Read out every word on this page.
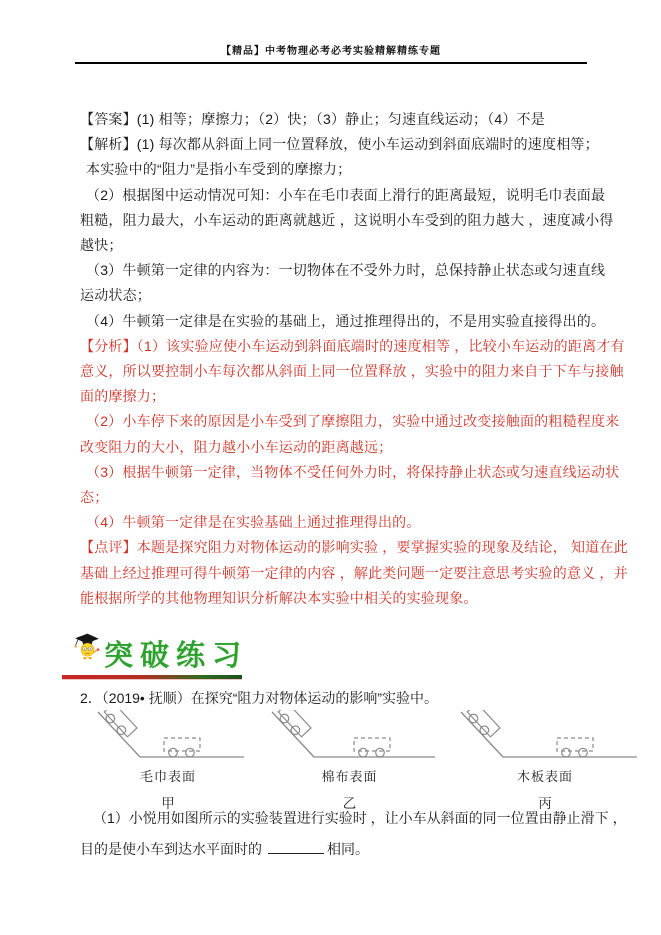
【精品】中考物理必考必考实验精解精练专题
【答案】(1) 相等；摩擦力；（2）快；（3）静止；匀速直线运动；（4）不是
【解析】(1) 每次都从斜面上同一位置释放，使小车运动到斜面底端时的速度相等；
本实验中的“阻力”是指小车受到的摩擦力；
（2）根据图中运动情况可知：小车在毛巾表面上滑行的距离最短，说明毛巾表面最
粗糙，阻力最大，小车运动的距离就越近 ，这说明小车受到的阻力越大 ，速度减小得
越快；
（3）牛顿第一定律的内容为：一切物体在不受外力时，总保持静止状态或匀速直线
运动状态；
（4）牛顿第一定律是在实验的基础上，通过推理得出的，不是用实验直接得出的。
【分析】（1）该实验应使小车运动到斜面底端时的速度相等 ，比较小车运动的距离才有
意义，所以要控制小车每次都从斜面上同一位置释放 ，实验中的阻力来自于下车与接触
面的摩擦力；
（2）小车停下来的原因是小车受到了摩擦阻力，实验中通过改变接触面的粗糙程度来
改变阻力的大小，阻力越小小车运动的距离越远；
（3）根据牛顿第一定律，当物体不受任何外力时，将保持静止状态或匀速直线运动状
态；
（4）牛顿第一定律是在实验基础上通过推理得出的。
【点评】本题是探究阻力对物体运动的影响实验 ，要掌握实验的现象及结论， 知道在此
基础上经过推理可得牛顿第一定律的内容 ，解此类问题一定要注意思考实验的意义 ，并
能根据所学的其他物理知识分析解决本实验中相关的实验现象。
突破练习
2．（2019• 抚顺）在探究“阻力对物体运动的影响”实验中。
毛巾表面
甲
棉布表面
乙
木板表面
丙
（1）小悦用如图所示的实验装置进行实验时 ，让小车从斜面的同一位置由静止滑下 ，
目的是使小车到达水平面时的	相同。
